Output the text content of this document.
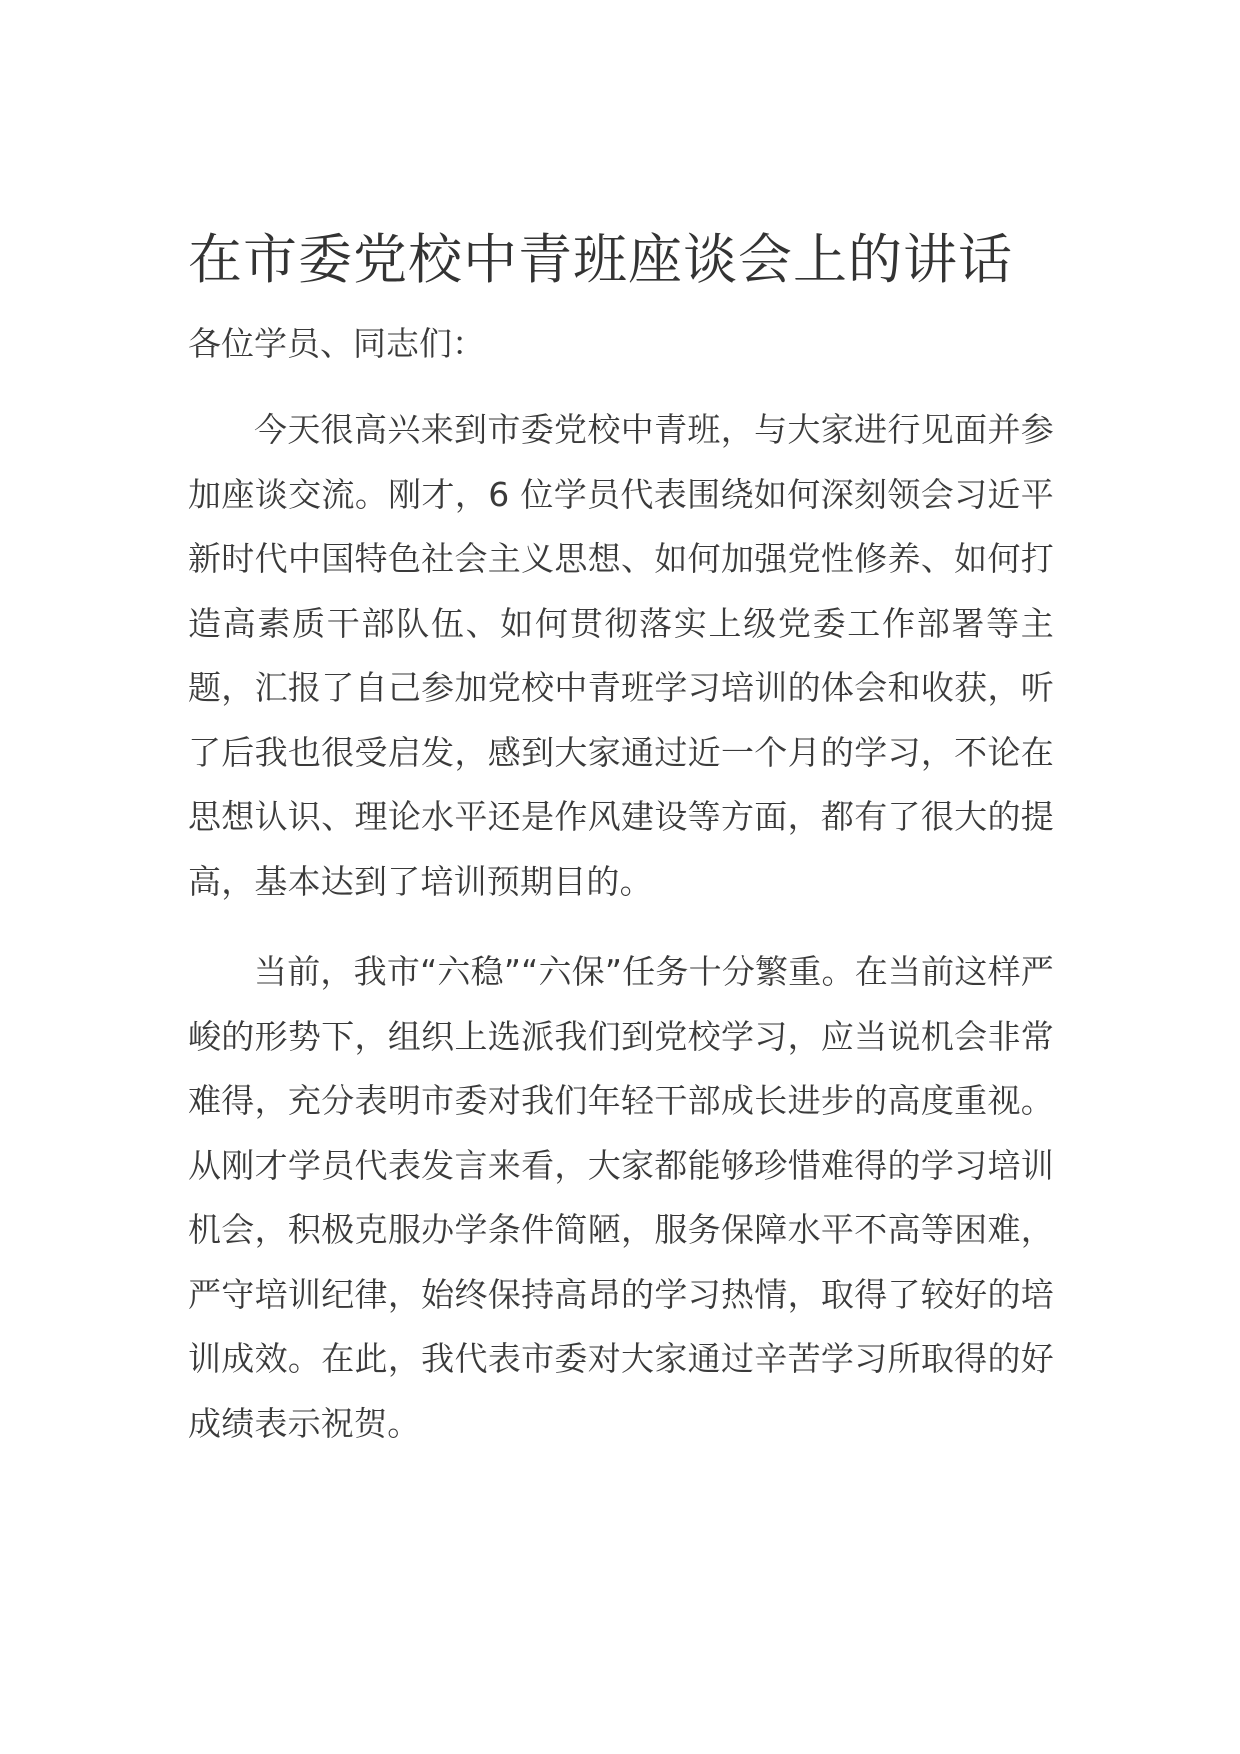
在市委党校中青班座谈会上的讲话

各位学员、同志们：

今天很高兴来到市委党校中青班，与大家进行见面并参加座谈交流。刚才，6 位学员代表围绕如何深刻领会习近平新时代中国特色社会主义思想、如何加强党性修养、如何打造高素质干部队伍、如何贯彻落实上级党委工作部署等主题，汇报了自己参加党校中青班学习培训的体会和收获，听了后我也很受启发，感到大家通过近一个月的学习，不论在思想认识、理论水平还是作风建设等方面，都有了很大的提高，基本达到了培训预期目的。

当前，我市“六稳”“六保”任务十分繁重。在当前这样严峻的形势下，组织上选派我们到党校学习，应当说机会非常难得，充分表明市委对我们年轻干部成长进步的高度重视。从刚才学员代表发言来看，大家都能够珍惜难得的学习培训机会，积极克服办学条件简陋，服务保障水平不高等困难，严守培训纪律，始终保持高昂的学习热情，取得了较好的培训成效。在此，我代表市委对大家通过辛苦学习所取得的好成绩表示祝贺。
